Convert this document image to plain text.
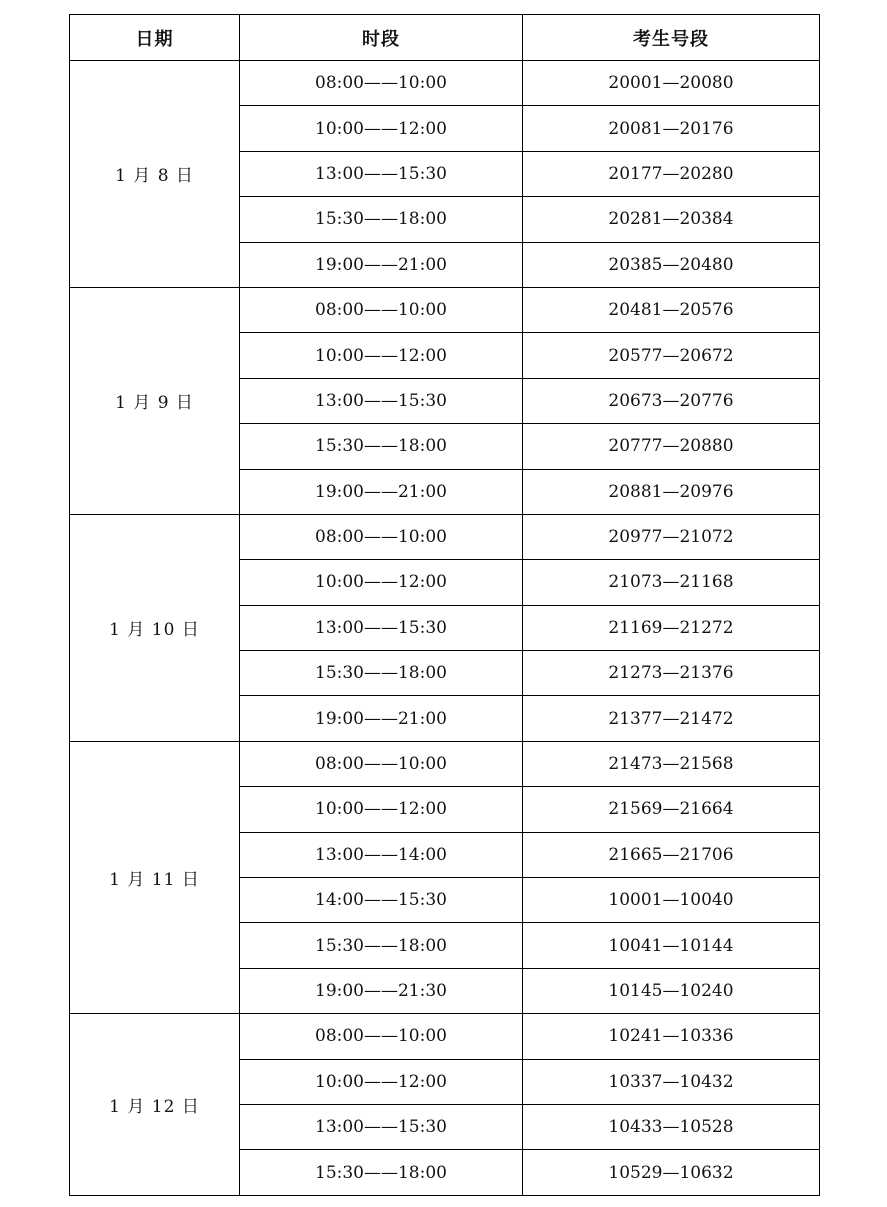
日期	时段	考生号段
1 月 8 日	08:00——10:00	20001—20080
	10:00——12:00	20081—20176
	13:00——15:30	20177—20280
	15:30——18:00	20281—20384
	19:00——21:00	20385—20480
1 月 9 日	08:00——10:00	20481—20576
	10:00——12:00	20577—20672
	13:00——15:30	20673—20776
	15:30——18:00	20777—20880
	19:00——21:00	20881—20976
1 月 10 日	08:00——10:00	20977—21072
	10:00——12:00	21073—21168
	13:00——15:30	21169—21272
	15:30——18:00	21273—21376
	19:00——21:00	21377—21472
1 月 11 日	08:00——10:00	21473—21568
	10:00——12:00	21569—21664
	13:00——14:00	21665—21706
	14:00——15:30	10001—10040
	15:30——18:00	10041—10144
	19:00——21:30	10145—10240
1 月 12 日	08:00——10:00	10241—10336
	10:00——12:00	10337—10432
	13:00——15:30	10433—10528
	15:30——18:00	10529—10632
